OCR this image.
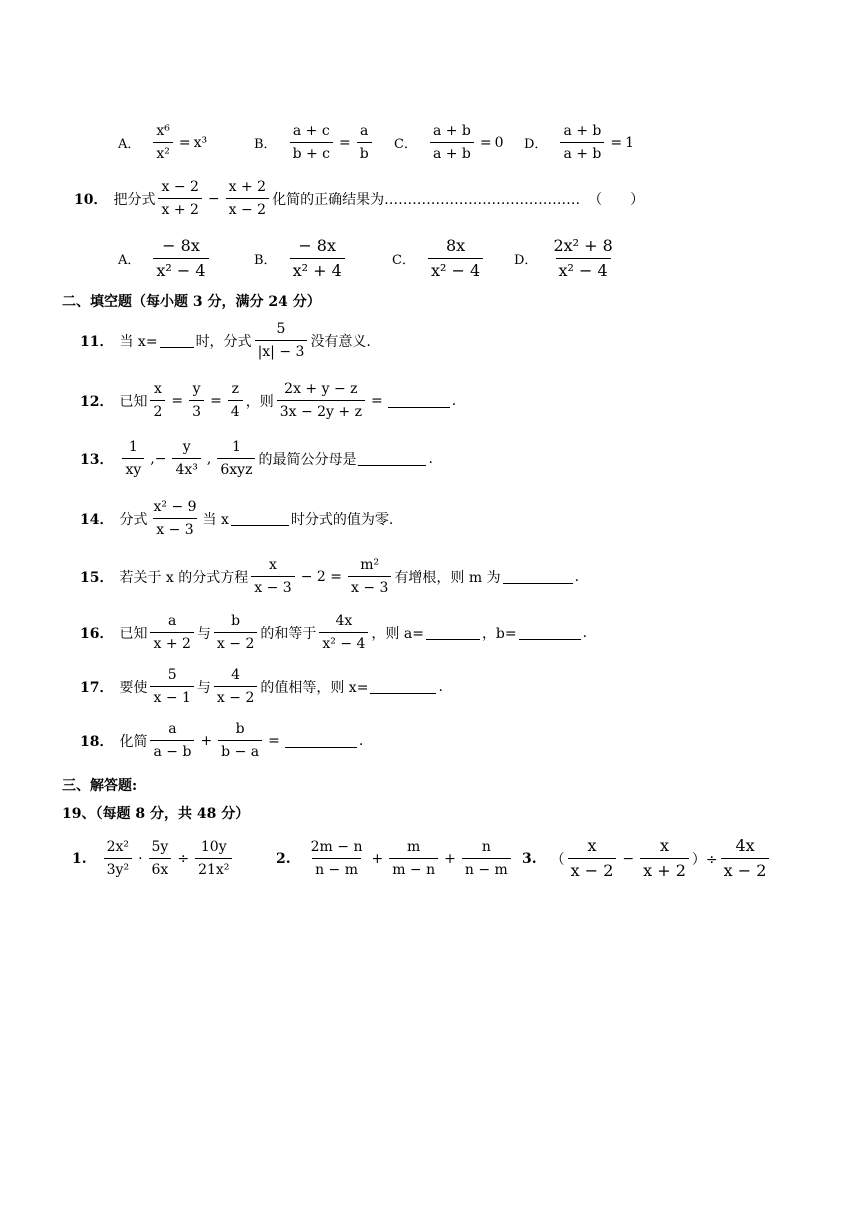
A． $\frac{\text{x⁶}}{\text{x²}} = x^3$	B． $\frac{a + c}{b + c} = \frac{a}{b}$ C． $\frac{a + b}{a + b} = 0$ D． $\frac{a + b}{a + b} = 1$
10． 把分式 $\frac{x - 2}{x + 2} - \frac{x + 2}{x - 2}$ 化简的正确结果为…………………………………… （　　）
A． $\frac{- 8x}{\text{x² − 4}}$	B． $\frac{- 8x}{\text{x² + 4}}$	C． $\frac{8x}{\text{x² − 4}}$ D． $\frac{\text{2x² + 8}}{\text{x² − 4}}$
二、填空题（每小题 3 分，满分 24 分）
11． 当 x=	时，分式 $\frac{5}{|x| - 3}$ 没有意义.
12． 已知 $\frac{x}{2} = \frac{y}{3} = \frac{z}{4}$ ，则 $\frac{2x + y - z}{3x - 2y + z}$ =	.
13． $\frac{1}{xy}$ ,− $\frac{y}{\text{4x³}}$ , $\frac{1}{\text{6xyz}}$ 的最简公分母是	.
14． 分式 $\frac{\text{x² − 9}}{x - 3}$ 当 x	时分式的值为零.
15． 若关于 x 的分式方程 $\frac{x}{x - 3} - 2 = \frac{\text{m²}}{x - 3}$ 有增根，则 m 为	.
16． 已知 $\frac{a}{x + 2}$ 与 $\frac{b}{x - 2}$ 的和等于 $\frac{4x}{\text{x² − 4}}$ ，则 a=	，b=	.
17． 要使 $\frac{5}{x - 1}$ 与 $\frac{4}{x - 2}$ 的值相等，则 x=	.
18． 化简 $\frac{a}{a - b} + \frac{b}{b - a}$ =	.
三、解答题:
19、（每题 8 分，共 48 分）
1. $\frac{\text{2x²}}{\text{3y²}} \cdot \frac{5y}{6x} \div \frac{10y}{\text{21x²}}$	2. $\frac{2m - n}{n - m} + \frac{m}{m - n} + \frac{n}{n - m} 3$. （ $\frac{x}{x - 2} - \frac{x}{x + 2}$ ）÷ $\frac{4x}{x - 2}$
